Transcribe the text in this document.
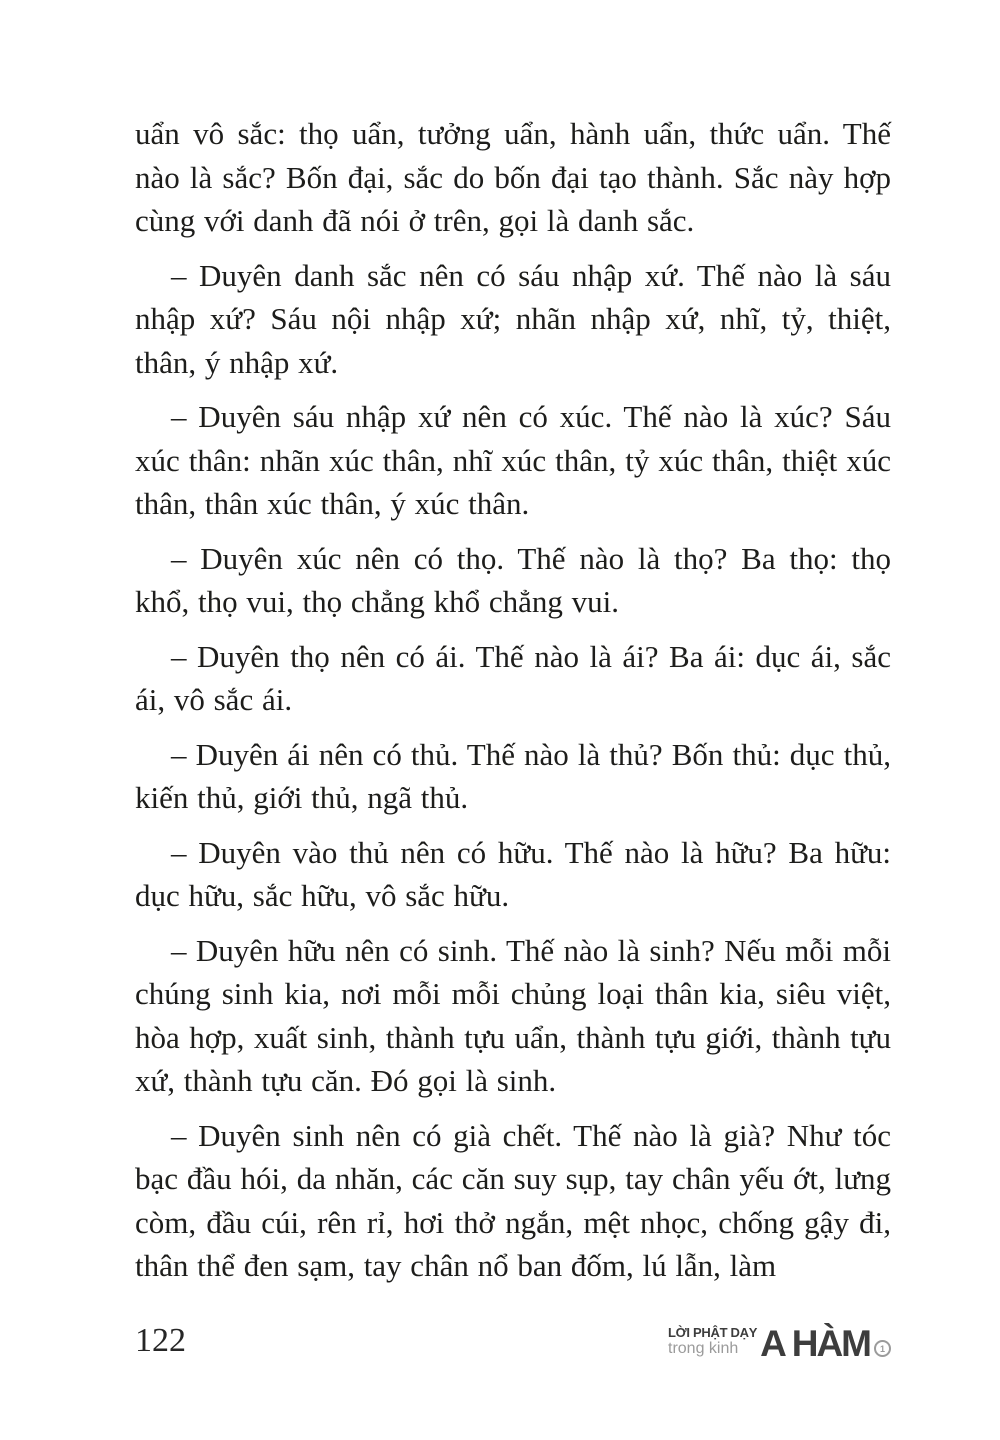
uẩn vô sắc: thọ uẩn, tưởng uẩn, hành uẩn, thức uẩn. Thế nào là sắc? Bốn đại, sắc do bốn đại tạo thành. Sắc này hợp cùng với danh đã nói ở trên, gọi là danh sắc.

– Duyên danh sắc nên có sáu nhập xứ. Thế nào là sáu nhập xứ? Sáu nội nhập xứ; nhãn nhập xứ, nhĩ, tỷ, thiệt, thân, ý nhập xứ.

– Duyên sáu nhập xứ nên có xúc. Thế nào là xúc? Sáu xúc thân: nhãn xúc thân, nhĩ xúc thân, tỷ xúc thân, thiệt xúc thân, thân xúc thân, ý xúc thân.

– Duyên xúc nên có thọ. Thế nào là thọ? Ba thọ: thọ khổ, thọ vui, thọ chẳng khổ chẳng vui.

– Duyên thọ nên có ái. Thế nào là ái? Ba ái: dục ái, sắc ái, vô sắc ái.

– Duyên ái nên có thủ. Thế nào là thủ? Bốn thủ: dục thủ, kiến thủ, giới thủ, ngã thủ.

– Duyên vào thủ nên có hữu. Thế nào là hữu? Ba hữu: dục hữu, sắc hữu, vô sắc hữu.

– Duyên hữu nên có sinh. Thế nào là sinh? Nếu mỗi mỗi chúng sinh kia, nơi mỗi mỗi chủng loại thân kia, siêu việt, hòa hợp, xuất sinh, thành tựu uẩn, thành tựu giới, thành tựu xứ, thành tựu căn. Đó gọi là sinh.

– Duyên sinh nên có già chết. Thế nào là già? Như tóc bạc đầu hói, da nhăn, các căn suy sụp, tay chân yếu ớt, lưng còm, đầu cúi, rên rỉ, hơi thở ngắn, mệt nhọc, chống gậy đi, thân thể đen sạm, tay chân nổ ban đốm, lú lẫn, làm

122	LỜI PHẬT DẠY
trong kinh A HÀM	1
